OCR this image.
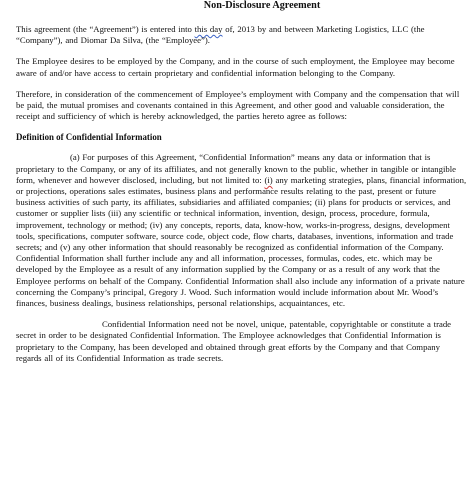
Non-Disclosure Agreement

This agreement (the “Agreement”) is entered into this day of, 2013 by and between Marketing Logistics, LLC (the “Company”), and Diomar Da Silva, (the “Employee”).

The Employee desires to be employed by the Company, and in the course of such employment, the Employee may become aware of and/or have access to certain proprietary and confidential information belonging to the Company.

Therefore, in consideration of the commencement of Employee’s employment with Company and the compensation that will be paid, the mutual promises and covenants contained in this Agreement, and other good and valuable consideration, the receipt and sufficiency of which is hereby acknowledged, the parties hereto agree as follows:

Definition of Confidential Information

(a) For purposes of this Agreement, “Confidential Information” means any data or information that is proprietary to the Company, or any of its affiliates, and not generally known to the public, whether in tangible or intangible form, whenever and however disclosed, including, but not limited to: (i) any marketing strategies, plans, financial information, or projections, operations sales estimates, business plans and performance results relating to the past, present or future business activities of such party, its affiliates, subsidiaries and affiliated companies; (ii) plans for products or services, and customer or supplier lists (iii) any scientific or technical information, invention, design, process, procedure, formula, improvement, technology or method; (iv) any concepts, reports, data, know-how, works-in-progress, designs, development tools, specifications, computer software, source code, object code, flow charts, databases, inventions, information and trade secrets; and (v) any other information that should reasonably be recognized as confidential information of the Company. Confidential Information shall further include any and all information, processes, formulas, codes, etc. which may be developed by the Employee as a result of any information supplied by the Company or as a result of any work that the Employee performs on behalf of the Company. Confidential Information shall also include any information of a private nature concerning the Company’s principal, Gregory J. Wood. Such information would include information about Mr. Wood’s finances, business dealings, business relationships, personal relationships, acquaintances, etc.

Confidential Information need not be novel, unique, patentable, copyrightable or constitute a trade secret in order to be designated Confidential Information. The Employee acknowledges that Confidential Information is proprietary to the Company, has been developed and obtained through great efforts by the Company and that Company regards all of its Confidential Information as trade secrets.
